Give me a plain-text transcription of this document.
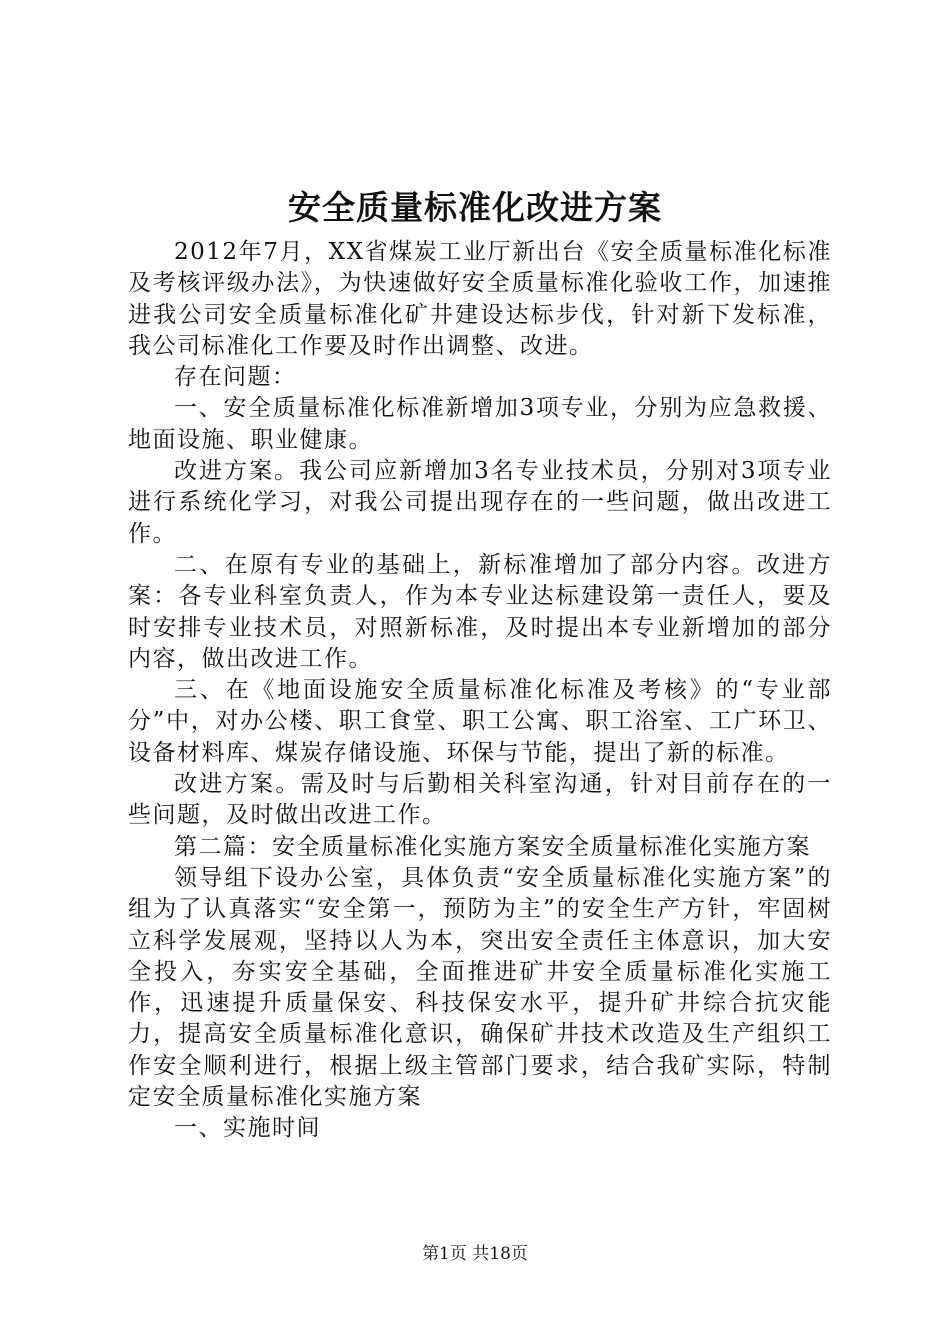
安全质量标准化改进方案

2012年7月，XX省煤炭工业厅新出台《安全质量标准化标准及考核评级办法》，为快速做好安全质量标准化验收工作，加速推进我公司安全质量标准化矿井建设达标步伐，针对新下发标准，我公司标准化工作要及时作出调整、改进。

存在问题：

一、安全质量标准化标准新增加3项专业，分别为应急救援、地面设施、职业健康。

改进方案。我公司应新增加3名专业技术员，分别对3项专业进行系统化学习，对我公司提出现存在的一些问题，做出改进工作。

二、在原有专业的基础上，新标准增加了部分内容。改进方案：各专业科室负责人，作为本专业达标建设第一责任人，要及时安排专业技术员，对照新标准，及时提出本专业新增加的部分内容，做出改进工作。

三、在《地面设施安全质量标准化标准及考核》的“专业部分”中，对办公楼、职工食堂、职工公寓、职工浴室、工广环卫、设备材料库、煤炭存储设施、环保与节能，提出了新的标准。

改进方案。需及时与后勤相关科室沟通，针对目前存在的一些问题，及时做出改进工作。

第二篇：安全质量标准化实施方案安全质量标准化实施方案

领导组下设办公室，具体负责“安全质量标准化实施方案”的组为了认真落实“安全第一，预防为主”的安全生产方针，牢固树立科学发展观，坚持以人为本，突出安全责任主体意识，加大安全投入，夯实安全基础，全面推进矿井安全质量标准化实施工作，迅速提升质量保安、科技保安水平，提升矿井综合抗灾能力，提高安全质量标准化意识，确保矿井技术改造及生产组织工作安全顺利进行，根据上级主管部门要求，结合我矿实际，特制定安全质量标准化实施方案

一、实施时间

第1页 共18页
